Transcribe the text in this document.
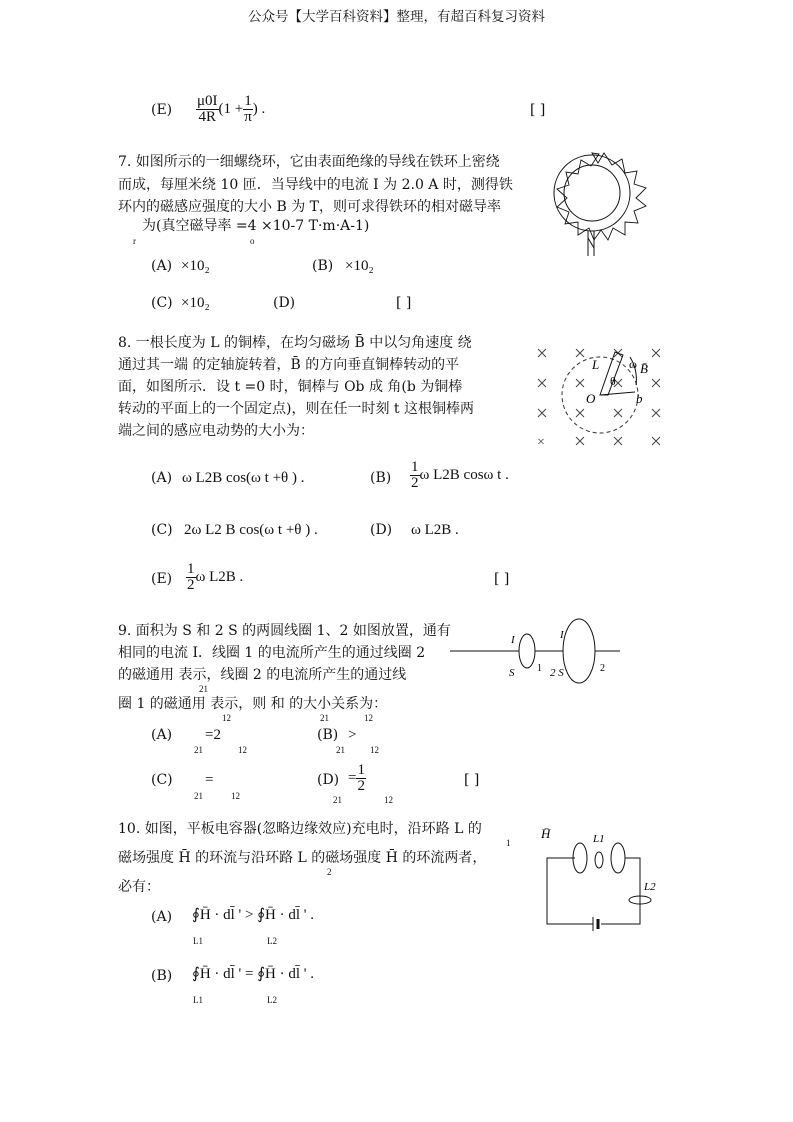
公众号【大学百科资料】整理，有超百科复习资料
$(E) \frac{\mu 0I}{4R} (1 + \frac{1}{\pi}$ ) .	[ ]
7. 如图所示的一细螺绕环，它由表面绝缘的导线在铁环上密绕
而成，每厘米绕 10 匝．当导线中的电流 I 为 2.0 A 时，测得铁
环内的磁感应强度的大小 B 为 T，则可求得铁环的相对磁导率
为(真空磁导率 =4 ×10-7 T·m·A-1)
r	o
(A) ×10₂	(B) ×10₂
(C) ×10₂	(D)	[ ]
8. 一根长度为 L 的铜棒，在均匀磁场 B̄ 中以匀角速度 绕
通过其一端 的定轴旋转着，B̄ 的方向垂直铜棒转动的平
面，如图所示．设 t =0 时，铜棒与 Ob 成 角(b 为铜棒
转动的平面上的一个固定点)，则在任一时刻 t 这根铜棒两
端之间的感应电动势的大小为：
(A) ω L2B cos(ω t +θ ) .	$(B) \frac{1}{2}$ ω L2B cosω t .
(C) 2ω L2 B cos(ω t +θ ) .	(D) ω L2B .
$(E) \frac{1}{2}$ ω L2B .	[ ]
×
L
θ
O	b
ω B̄
9. 面积为 S 和 2 S 的两圆线圈 1、2 如图放置，通有
相同的电流 I．线圈 1 的电流所产生的通过线圈 2
的磁通用 表示，线圈 2 的电流所产生的通过线
圈 1 的磁通用 表示，则 和 的大小关系为：
21
12	21	12
(A)
21
=2
12
(B)
21
>
12
(C)
21
=
12
(D)
21
= $\frac{1}{2}$
12
[ ]
I	I
S 1 2 S	2
10. 如图，平板电容器(忽略边缘效应)充电时，沿环路 L 的
磁场强度 H̄ 的环流与沿环路 L 的磁场强度 H̄ 的环流两者，
必有：
1
2
(A) ∮H̄ · dl̄ ' > ∮H̄ · dl̄ ' .
L1	L2
(B) ∮H̄ · dl̄ ' = ∮H̄ · dl̄ ' .
L1	L2
H̄	L1
L2
